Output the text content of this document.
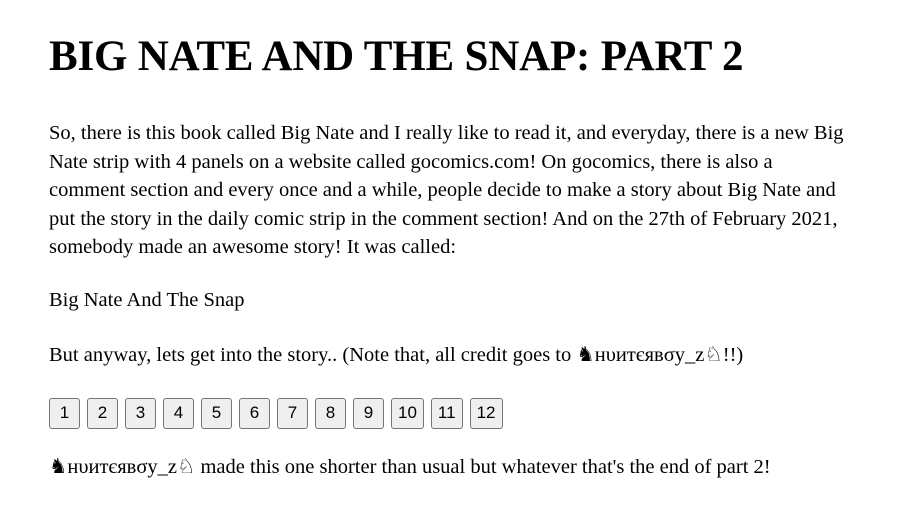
BIG NATE AND THE SNAP: PART 2

So, there is this book called Big Nate and I really like to read it, and everyday, there is a new Big Nate strip with 4 panels on a website called gocomics.com! On gocomics, there is also a comment section and every once and a while, people decide to make a story about Big Nate and put the story in the daily comic strip in the comment section! And on the 27th of February 2021, somebody made an awesome story! It was called:

Big Nate And The Snap

But anyway, lets get into the story.. (Note that, all credit goes to ♞нυитєявσу_z♘!!)

1	2	3	4	5	6	7	8	9	10	11	12

♞нυитєявσу_z♘ made this one shorter than usual but whatever that's the end of part 2!
